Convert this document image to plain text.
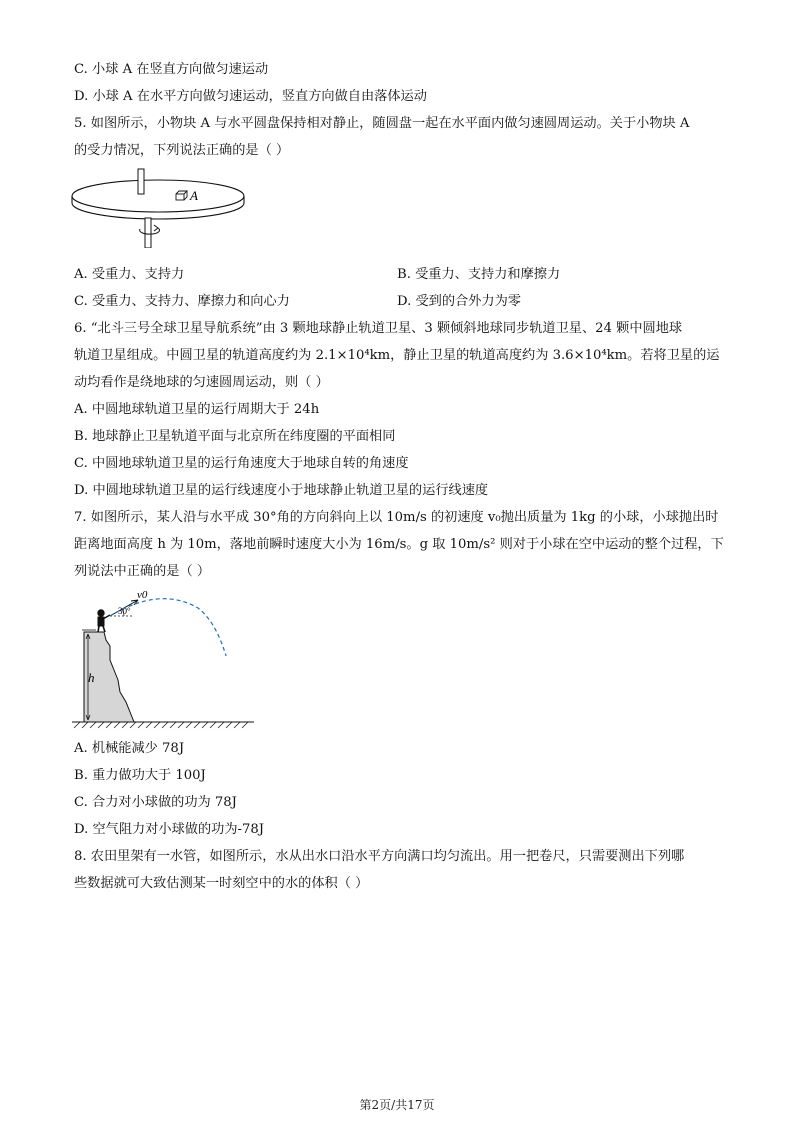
C. 小球 A 在竖直方向做匀速运动
D. 小球 A 在水平方向做匀速运动，竖直方向做自由落体运动
5. 如图所示，小物块 A 与水平圆盘保持相对静止，随圆盘一起在水平面内做匀速圆周运动。关于小物块 A
的受力情况，下列说法正确的是（ ）
A
A. 受重力、支持力	B. 受重力、支持力和摩擦力
C. 受重力、支持力、摩擦力和向心力	D. 受到的合外力为零
6. “北斗三号全球卫星导航系统”由 3 颗地球静止轨道卫星、3 颗倾斜地球同步轨道卫星、24 颗中圆地球
轨道卫星组成。中圆卫星的轨道高度约为 2.1×10⁴km，静止卫星的轨道高度约为 3.6×10⁴km。若将卫星的运
动均看作是绕地球的匀速圆周运动，则（ ）
A. 中圆地球轨道卫星的运行周期大于 24h
B. 地球静止卫星轨道平面与北京所在纬度圈的平面相同
C. 中圆地球轨道卫星的运行角速度大于地球自转的角速度
D. 中圆地球轨道卫星的运行线速度小于地球静止轨道卫星的运行线速度
7. 如图所示，某人沿与水平成 30°角的方向斜向上以 10m/s 的初速度 v₀抛出质量为 1kg 的小球，小球抛出时
距离地面高度 h 为 10m，落地前瞬时速度大小为 16m/s。g 取 10m/s² 则对于小球在空中运动的整个过程，下
列说法中正确的是（ ）
h
v0
30°
A. 机械能减少 78J
B. 重力做功大于 100J
C. 合力对小球做的功为 78J
D. 空气阻力对小球做的功为-78J
8. 农田里架有一水管，如图所示，水从出水口沿水平方向满口均匀流出。用一把卷尺，只需要测出下列哪
些数据就可大致估测某一时刻空中的水的体积（ ）
第2页/共17页
